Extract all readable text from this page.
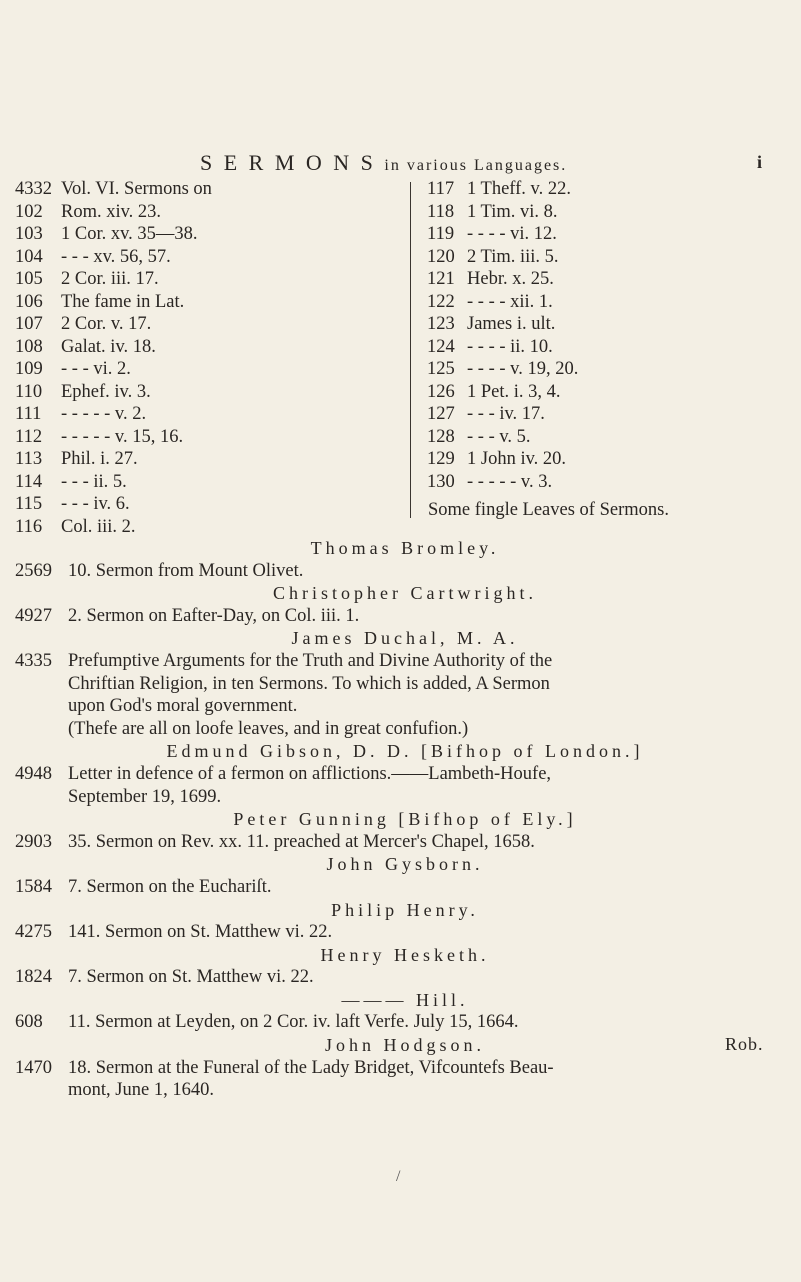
S E R M O N S in various Languages.	i
4332 Vol. VI. Sermons on
102 Rom. xiv. 23.
103 1 Cor. xv. 35—38.
104 - - - xv. 56, 57.
105 2 Cor. iii. 17.
106 The fame in Lat.
107 2 Cor. v. 17.
108 Galat. iv. 18.
109 - - - vi. 2.
110	Ephef. iv. 3.
111	- - - - - v. 2.
112	- - - - - v. 15, 16.
113	Phil. i. 27.
114	- - - ii. 5.
115	- - - iv. 6.
116	Col. iii. 2.
117 1 Theff. v. 22.
118 1 Tim. vi. 8.
119 - - - - vi. 12.
120 2 Tim. iii. 5.
121 Hebr. x. 25.
122 - - - - xii. 1.
123 James i. ult.
124 - - - - ii. 10.
125 - - - - v. 19, 20.
126 1 Pet. i. 3, 4.
127 - - - iv. 17.
128 - - - v. 5.
129 1 John iv. 20.
130 - - - - - v. 3.
Some fingle Leaves of Sermons.
Thomas Bromley.
2569 10. Sermon from Mount Olivet.
Christopher Cartwright.
4927 2. Sermon on Eafter-Day, on Col. iii. 1.
James Duchal, M. A.
4335 Prefumptive Arguments for the Truth and Divine Authority of the
Chriftian Religion, in ten Sermons. To which is added, A Sermon
upon God's moral government.
(Thefe are all on loofe leaves, and in great confufion.)
Edmund Gibson, D. D. [Bifhop of London.]
4948 Letter in defence of a fermon on afflictions.——Lambeth-Houfe,
September 19, 1699.
Peter Gunning [Bifhop of Ely.]
2903 35. Sermon on Rev. xx. 11. preached at Mercer's Chapel, 1658.
John Gysborn.
1584 7. Sermon on the Euchariſt.
Philip Henry.
4275 141. Sermon on St. Matthew vi. 22.
Henry Hesketh.
1824 7. Sermon on St. Matthew vi. 22.
——— Hill.
608	11. Sermon at Leyden, on 2 Cor. iv. laft Verfe. July 15, 1664.
John Hodgson.
1470 18. Sermon at the Funeral of the Lady Bridget, Vifcountefs Beau-
mont, June 1, 1640.
Rob.
/
